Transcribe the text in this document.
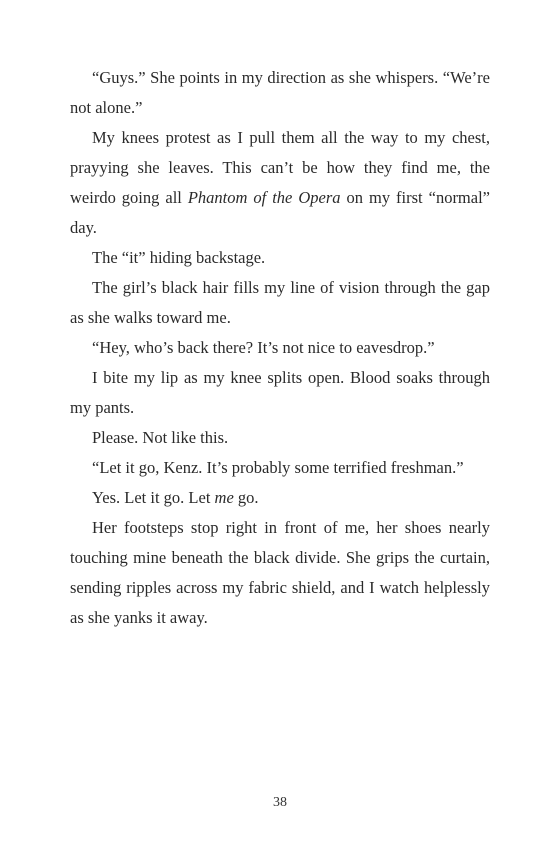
“Guys.” She points in my direction as she whispers. “We’re not alone.”

My knees protest as I pull them all the way to my chest, prayying she leaves. This can’t be how they find me, the weirdo going all Phantom of the Opera on my first “normal” day.

The “it” hiding backstage.

The girl’s black hair fills my line of vision through the gap as she walks toward me.

“Hey, who’s back there? It’s not nice to eavesdrop.”

I bite my lip as my knee splits open. Blood soaks through my pants.

Please. Not like this.

“Let it go, Kenz. It’s probably some terrified freshman.”

Yes. Let it go. Let me go.

Her footsteps stop right in front of me, her shoes nearly touching mine beneath the black divide. She grips the curtain, sending ripples across my fabric shield, and I watch helplessly as she yanks it away.

38
